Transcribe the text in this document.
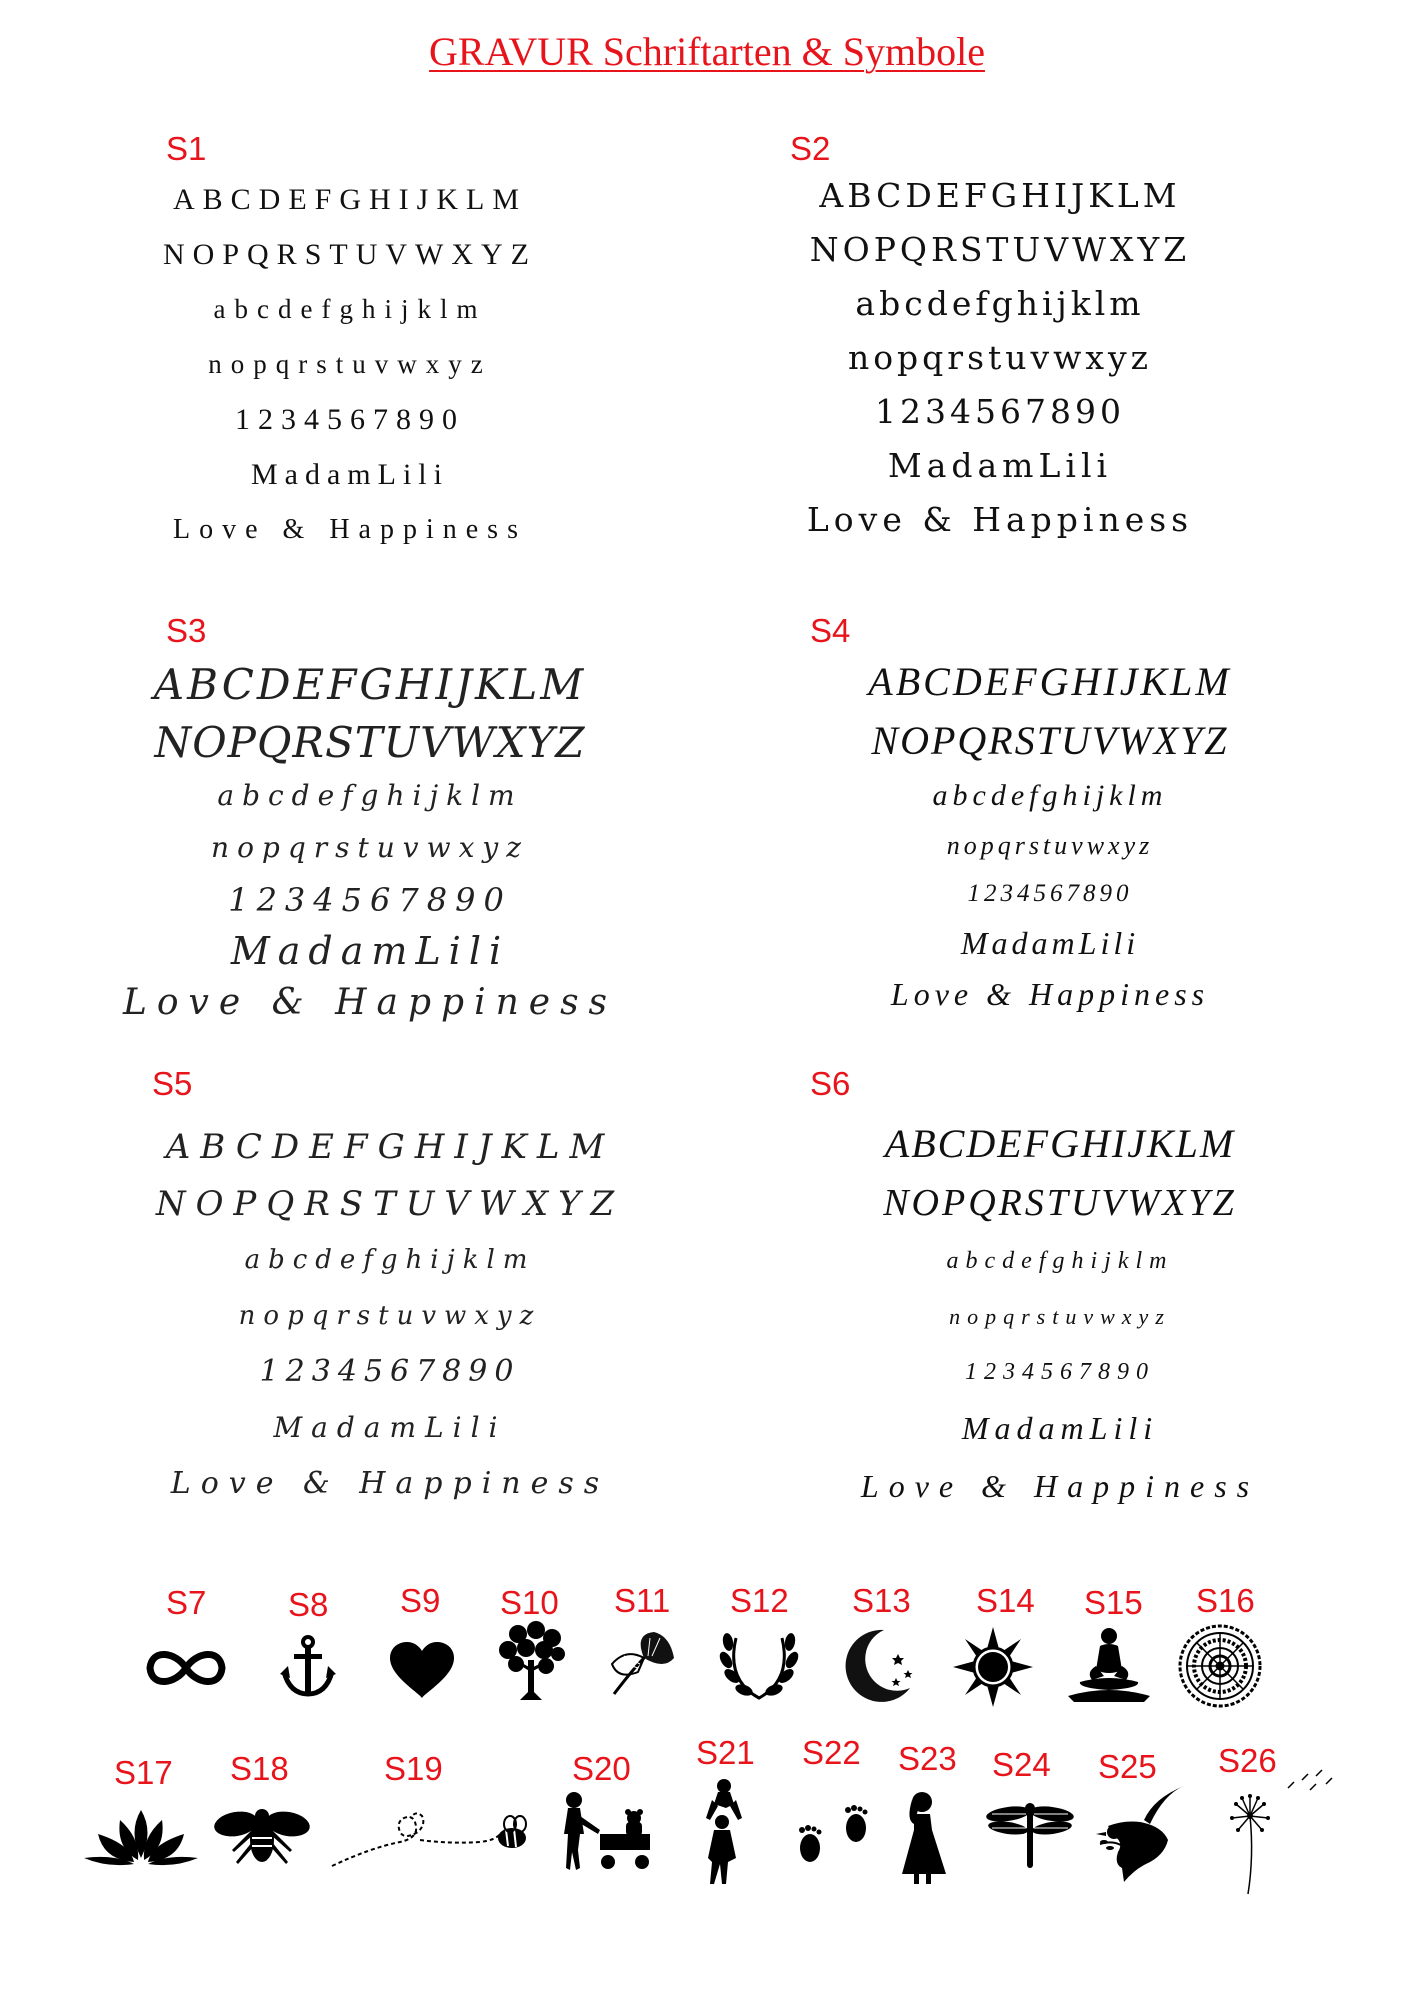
GRAVUR Schriftarten & Symbole
S1	S2
S3	S4
S5	S6
ABCDEFGHIJKLM
NOPQRSTUVWXYZ
abcdefghijklm
nopqrstuvwxyz
1234567890
MadamLili
Love & Happiness
ABCDEFGHIJKLM
NOPQRSTUVWXYZ
abcdefghijklm
nopqrstuvwxyz
1234567890
MadamLili
Love & Happiness
ABCDEFGHIJKLM
NOPQRSTUVWXYZ
abcdefghijklm
nopqrstuvwxyz
1234567890
MadamLili
Love & Happiness
ABCDEFGHIJKLM
NOPQRSTUVWXYZ
abcdefghijklm
nopqrstuvwxyz
1234567890
MadamLili
Love & Happiness
ABCDEFGHIJKLM
NOPQRSTUVWXYZ
abcdefghijklm
nopqrstuvwxyz
1234567890
MadamLili
Love & Happiness
ABCDEFGHIJKLM
NOPQRSTUVWXYZ
abcdefghijklm
nopqrstuvwxyz
1234567890
MadamLili
Love & Happiness
S7 S8 S9 S10 S11 S12 S13 S14 S15 S16
S17 S18	S19	S20 S21 S22 S23 S24 S25 S26
